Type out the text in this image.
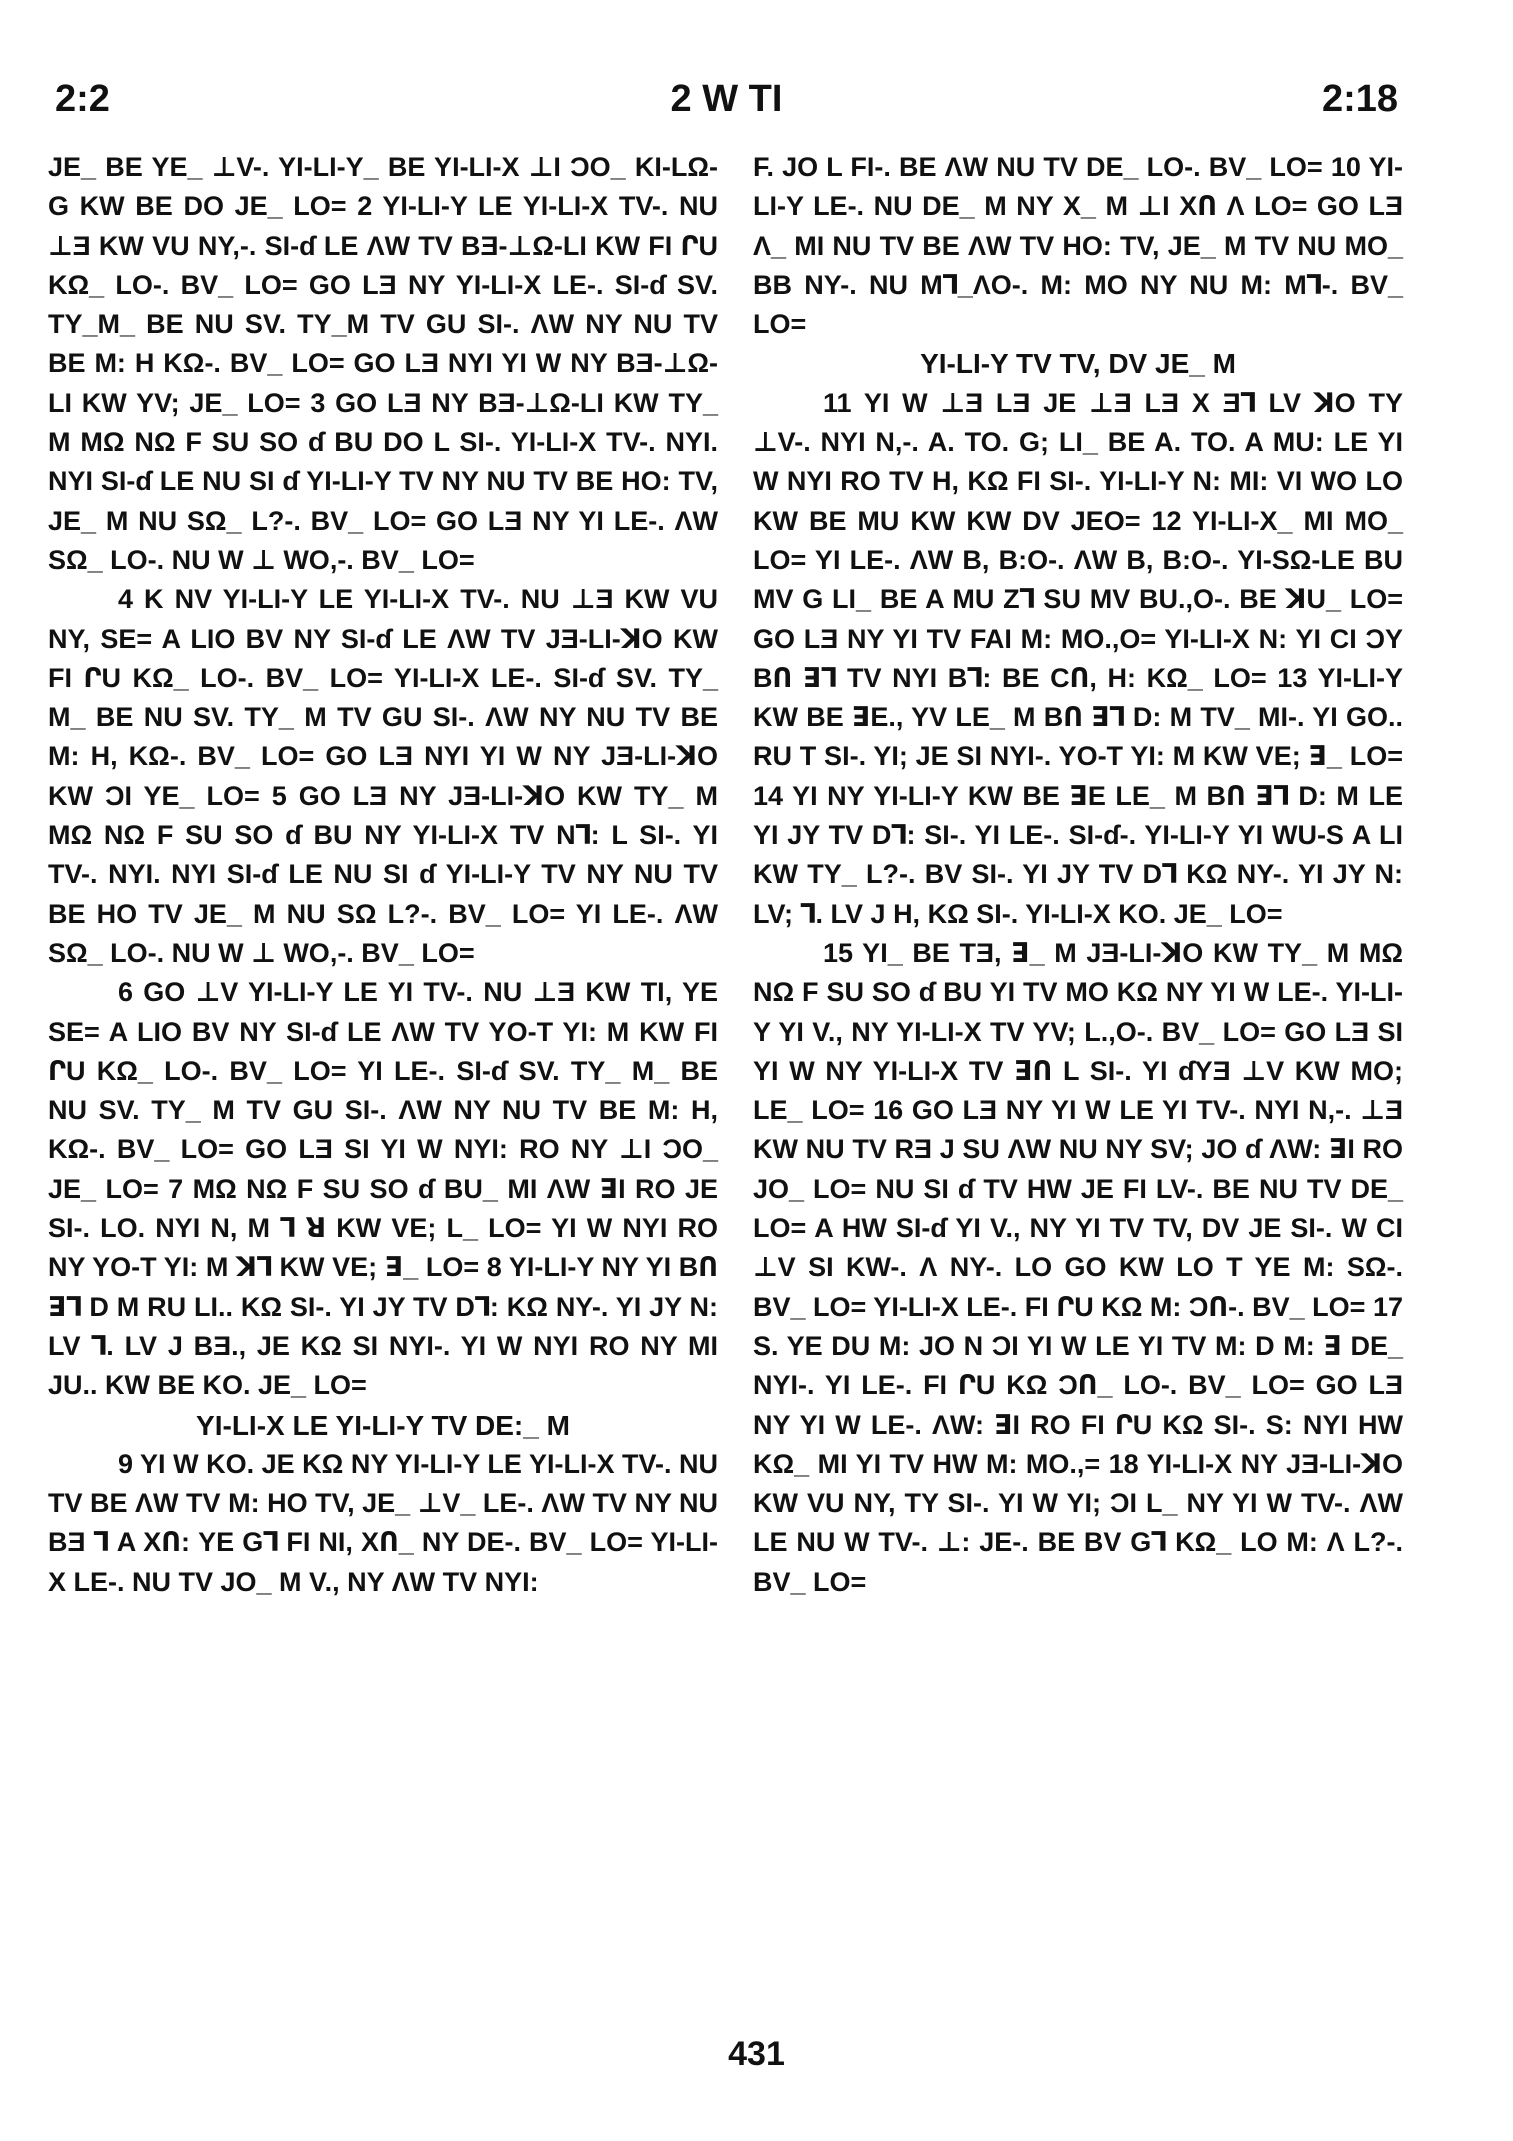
2:2	2 W TI	2:18

JE_ BE YE_ ⊥V-. YI-LI-Y_ BE YI-LI-X ⊥I ƆO_ KI-LΩ-G KW BE DO JE_ LO= 2 YI-LI-Y LE YI-LI-X TV-. NU ⊥Ǝ KW VU NY,-. SI-ɗ LE ΛW TV BƎ-⊥Ω-LI KW FI ՐU KΩ_ LO-. BV_ LO= GO LƎ NY YI-LI-X LE-. SI-ɗ SV. TY_M_ BE NU SV. TY_M TV GU SI-. ΛW NY NU TV BE M: H KΩ-. BV_ LO= GO LƎ NYI YI W NY BƎ-⊥Ω-LI KW YV; JE_ LO= 3 GO LƎ NY BƎ-⊥Ω-LI KW TY_ M MΩ NΩ F SU SO ɗ BU DO L SI-. YI-LI-X TV-. NYI. NYI SI-ɗ LE NU SI ɗ YI-LI-Y TV NY NU TV BE HO: TV, JE_ M NU SΩ_ L?-. BV_ LO= GO LƎ NY YI LE-. ΛW SΩ_ LO-. NU W ⊥ WO,-. BV_ LO=

4 K NV YI-LI-Y LE YI-LI-X TV-. NU ⊥Ǝ KW VU NY, SE= A LIO BV NY SI-ɗ LE ΛW TV JƎ-LI-ꓘO KW FI ՐU KΩ_ LO-. BV_ LO= YI-LI-X LE-. SI-ɗ SV. TY_ M_ BE NU SV. TY_ M TV GU SI-. ΛW NY NU TV BE M: H, KΩ-. BV_ LO= GO LƎ NYI YI W NY JƎ-LI-ꓘO KW ƆI YE_ LO= 5 GO LƎ NY JƎ-LI-ꓘO KW TY_ M MΩ NΩ F SU SO ɗ BU NY YI-LI-X TV Nꓶ: L SI-. YI TV-. NYI. NYI SI-ɗ LE NU SI ɗ YI-LI-Y TV NY NU TV BE HO TV JE_ M NU SΩ L?-. BV_ LO= YI LE-. ΛW SΩ_ LO-. NU W ⊥ WO,-. BV_ LO=

6 GO ⊥V YI-LI-Y LE YI TV-. NU ⊥Ǝ KW TI, YE SE= A LIO BV NY SI-ɗ LE ΛW TV YO-T YI: M KW FI ՐU KΩ_ LO-. BV_ LO= YI LE-. SI-ɗ SV. TY_ M_ BE NU SV. TY_ M TV GU SI-. ΛW NY NU TV BE M: H, KΩ-. BV_ LO= GO LƎ SI YI W NYI: RO NY ⊥I ƆO_ JE_ LO= 7 MΩ NΩ F SU SO ɗ BU_ MI ΛW ꓱI RO JE SI-. LO. NYI N, M ꓶ ꓤ KW VE; L_ LO= YI W NYI RO NY YO-T YI: M ꓘꓶ KW VE; ꓱ_ LO= 8 YI-LI-Y NY YI BՈ ꓱꓶ D M RU LI.. KΩ SI-. YI JY TV Dꓶ: KΩ NY-. YI JY N: LV ꓶ. LV J BƎ., JE KΩ SI NYI-. YI W NYI RO NY MI JU.. KW BE KO. JE_ LO=

YI-LI-X LE YI-LI-Y TV DE:_ M

9 YI W KO. JE KΩ NY YI-LI-Y LE YI-LI-X TV-. NU TV BE ΛW TV M: HO TV, JE_ ⊥V_ LE-. ΛW TV NY NU BƎ ꓶ A XՈ: YE Gꓶ FI NI, XՈ_ NY DE-. BV_ LO= YI-LI-X LE-. NU TV JO_ M V., NY ΛW TV NYI:

F. JO L FI-. BE ΛW NU TV DE_ LO-. BV_ LO= 10 YI-LI-Y LE-. NU DE_ M NY X_ M ⊥I XՈ Λ LO= GO LƎ Λ_ MI NU TV BE ΛW TV HO: TV, JE_ M TV NU MO_ BB NY-. NU Mꓶ_ΛO-. M: MO NY NU M: Mꓶ-. BV_ LO=

YI-LI-Y TV TV, DV JE_ M

11 YI W ⊥Ǝ LƎ JE ⊥Ǝ LƎ X Ǝꓶ LV ꓘO TY ⊥V-. NYI N,-. A. TO. G; LI_ BE A. TO. A MU: LE YI W NYI RO TV H, KΩ FI SI-. YI-LI-Y N: MI: VI WO LO KW BE MU KW KW DV JEO= 12 YI-LI-X_ MI MO_ LO= YI LE-. ΛW B, B:O-. ΛW B, B:O-. YI-SΩ-LE BU MV G LI_ BE A MU Zꓶ SU MV BU.,O-. BE ꓘU_ LO= GO LƎ NY YI TV FAI M: MO.,O= YI-LI-X N: YI CI ƆY BՈ ꓱꓶ TV NYI Bꓶ: BE CՈ, H: KΩ_ LO= 13 YI-LI-Y KW BE ꓱE., YV LE_ M BՈ ꓱꓶ D: M TV_ MI-. YI GO.. RU T SI-. YI; JE SI NYI-. YO-T YI: M KW VE; ꓱ_ LO= 14 YI NY YI-LI-Y KW BE ꓱE LE_ M BՈ ꓱꓶ D: M LE YI JY TV Dꓶ: SI-. YI LE-. SI-ɗ-. YI-LI-Y YI WU-S A LI KW TY_ L?-. BV SI-. YI JY TV Dꓶ KΩ NY-. YI JY N: LV; ꓶ. LV J H, KΩ SI-. YI-LI-X KO. JE_ LO=

15 YI_ BE TƎ, ꓱ_ M JƎ-LI-ꓘO KW TY_ M MΩ NΩ F SU SO ɗ BU YI TV MO KΩ NY YI W LE-. YI-LI-Y YI V., NY YI-LI-X TV YV; L.,O-. BV_ LO= GO LƎ SI YI W NY YI-LI-X TV ꓱՈ L SI-. YI ɗYƎ ⊥V KW MO; LE_ LO= 16 GO LƎ NY YI W LE YI TV-. NYI N,-. ⊥Ǝ KW NU TV RƎ J SU ΛW NU NY SV; JO ɗ ΛW: ꓱI RO JO_ LO= NU SI ɗ TV HW JE FI LV-. BE NU TV DE_ LO= A HW SI-ɗ YI V., NY YI TV TV, DV JE SI-. W CI ⊥V SI KW-. Λ NY-. LO GO KW LO T YE M: SΩ-. BV_ LO= YI-LI-X LE-. FI ՐU KΩ M: ƆՈ-. BV_ LO= 17 S. YE DU M: JO N ƆI YI W LE YI TV M: D M: ꓱ DE_ NYI-. YI LE-. FI ՐU KΩ ƆՈ_ LO-. BV_ LO= GO LƎ NY YI W LE-. ΛW: ꓱI RO FI ՐU KΩ SI-. S: NYI HW KΩ_ MI YI TV HW M: MO.,= 18 YI-LI-X NY JƎ-LI-ꓘO KW VU NY, TY SI-. YI W YI; ƆI L_ NY YI W TV-. ΛW LE NU W TV-. ⊥: JE-. BE BV Gꓶ KΩ_ LO M: Λ L?-. BV_ LO=

431
